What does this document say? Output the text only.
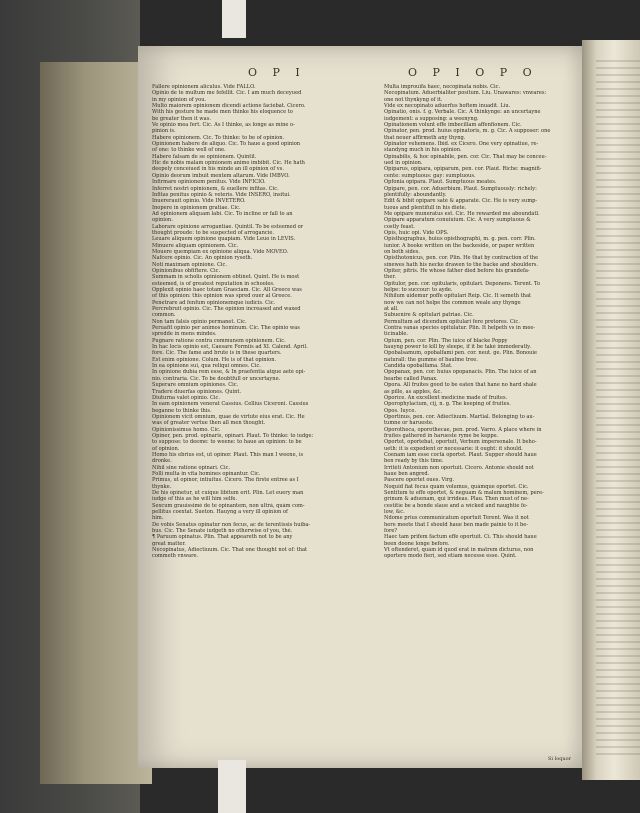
O P I	O P I O P O

Fallere opinionem aliculus. Vide FALLO.

Opinio de te multum me fefellit. Cic. I am much deceyued

in my opinion of you.

Multò maiorem opinionem dicendi actione faciebat. Cicero.

With his gesture he made men thinke his eloquence to

be greater then it was.

Ve opinio mea fert. Cic. As I thinke, as longe as mine o-

pinion is.

Habere opinionem. Cic. To thinke: to be of opinion.

Opinionem habere de aliquo. Cic. To haue a good opinion

of one: to thinke well of one.

Habere falsam de se opinionem. Quintil.

Hic de nobis malam opinionem animo imbibit. Cic. He hath

deepely conceiued in his minde an ill opinion of vs.

Opinio deorum imbuit mentem altarum. Vide IMBVO.

Infirmare opinionem penitus. Vide INFICIO.

Inferret nostri opinionem, & euellere infitas. Cic.

Infitas penitus opinio & veteris. Vide INSERO, insitui.

Inuererauit opinio. Vide INVETERO.

Inopere in opinionem gratiae. Cic.

Ad opinionem aliquam labi. Cic. To incline or fall to an

opinion.

Laborare opinione arrogantiae. Quintil. To be esteemed or

thought proude: to be suspected of arrogancie.

Leuare aliquem opinione quapiam. Vide Leuo in LEVIS.

Minuere aliquam opinionem. Cic.

Mouere quempiam ex opinione aliqua. Vide MOVEO.

Nafcere opinio. Cic. An opinion ryseth.

Noti maximam opinione. Cic.

Opinionibus obfiftere. Cic.

Summam in scholis opinionem obtinet. Quint. He is most

esteemed, is of greatest reputation in schooles.

Opplexit opinio haec totam Graeciam. Cic. All Greece was

of this opinion: this opinion was spred ouer al Greece.

Penetrare ad fenfum opinionemque iudicis. Cic.

Percrebruit opinio. Cic. The opinion increased and waxed

common.

Non tam falsis opinio permanet. Cic.

Peruafit opinio per animos hominum. Cic. The opinio was

spredde in mens mindes.

Pugnare ratione contra communem opinionem. Cic.

In hac locis opinio est, Caesare Formiis ad XI. Calend. April.

fore. Cic. The fame and brute is in these quarters.

Est enim opinione. Colum. He is of that opinion.

In ea opinione sui, qua reliqui omnes. Cic.

In opinione dubia rem esse, & In praefentia atque aeté opi-

nio. contraria. Cic. To be doubtfull or uncertayne.

Superare omnium opiniones. Cic.

Tradere diuerfas opiniones. Quint.

Diuturna valet opinio. Cic.

In eam opinionem venerat Cassius. Cellius Ciceroni. Cassius

beganne to thinke this.

Opinionem vicit omnium, quae de virtute eius erat. Cic. He

was of greater vertue then all men thought.

Opinionissimus homo. Cic.

Opiner, pen. prod. opinaris, opinari. Plaut. To thinke: to iudge:

to suppose: to deeme: to weene: to haue an opinion: to be

of opinion.

Homo his ebrius est, ut opinor. Plaut. This man I weene, is

dronke.

Nihil sine ratione opinari. Cic.

Folli multa in vita homines opinantur. Cic.

Primus, ut opinor, intiuitus. Cicero. The firste entree as I

thynke.

De his opinetur, ut cuique libitum erit. Plin. Let euery man

iudge of this as he will him selfe.

Sexcum grauissimé de te opinantem, non ultrà, quàm com-

pellitus coextat. Sueton. Hauyng a very ill opinion of

him.

De vobis Senatus opinatur non fecus, ac de terentissis huiba-

bus. Cic. The Senate iudgeth no otherwise of you, thé.

¶ Paruum opinatus. Plin. That appeareth not to be any

great matter.

Nécopinatus, Adiectiuum. Cic. That one thought not of: that

commeth vnware.

Multa improuifa haec, necopinata nobis. Cic.

Necopinatum. Aduerbialiter positum. Liu. Unawares: vnwares:

one not thynkyng of it.

Vide ex necopinato aduerfus hoftem inuadit. Liu.

Opinatio, onis. f. g. Verbale. Cic. A thinkynge: an uncertayne

iudgement: a supposing: a weenyng.

Opinationem volunt effe imbecillam affenfionem. Cic.

Opinator, pen. prod. huius opinatoris, m. g. Cic. A supposer: one

that neuer affirmeth any thyng.

Opinator vehemens. Ibid. ex Cicero. One very opinatiue, re-

standyng much in his opinion.

Opinabilis, & hoc opinabile, pen. cor. Cic. That may be conceu-

ued in opinion.

Opiparus, opipara, opiparum, pen. cor. Plaut. Riche: magnifi-

cente: sumptuous: gay: sumptuous.

Opfonia opipara. Plaut. Sumptuous meates.

Opipare, pen. cor. Aduerbium. Plaut. Sumptuously: richely:

plentifully: aboundantly.

Edit & bibit opipare satè & apparatè. Cic. He is very sump-

tuous and plentifull in his diete.

Me opipare muneratus est. Cic. He rewarded me aboundátl.

Opipare apparatum conuiuium. Cic. A very sumptuous &

costly feast.

Opis, huic opi. Vide OPS.

Opisthographus, huius opisthographi, m. g. pen. corr. Plin.

iunior. A booke written on the backeside, or paper written

on both sides.

Opisthotonicus, pen. cor. Plin. He that by contraction of the

sinewes hath his necke drawen to the backe and shoulders.

Opiter, pitris. He whose father died before his grandefa-

ther.

Opitulor, pen. cor. opitularis, opitulari. Deponens. Terent. To

helpe: to succour: to ayde.

Nihilum uidemur poffe opitulari Reip. Cic. It semeth that

now we can not helpe the common weale any thynge

at all.

Subuenire & opitulari patriae. Cic.

Permultum ad dicendum opitulari fere pretores. Cic.

Contra vanas species opitulatur. Plin. It helpeth vs in mee-

ticinable.

Opium, pen. cor. Plin. The iuice of blacke Poppy

hauyng power to kill by sleepe, if it be také immoderatly.

Opobalsamum, opobalfami pen. cor. neut. ge. Plin. Bonouie

naturall: the gumme of baulme tree.

Candida opobalfama. Stat.

Opopanax, pen. cor. huius opopanacis. Plin. The iuice of an

hearbe called Panax.

Opora. All fruites good to be eaten that hane no hard shale

as pille, as apples, &c.

Oporice. An excellent medicine made of fruites.

Oporophylacium, cij, n. g. The keeping of fruites.

Opos. Iuyce.

Oportinus, pen. cor. Adiectiuum. Martial. Belonging to au-

tumne or harueste.

Oporotheca, oporothecae, pen. prod. Varro. A place where in

fruites gathered in harueste ryme be keppe.

Oportet, oportebat, oportuit, Verbum impersonale. It beho-

ueth: it is expedient or necessarie: it ought: it should.

Coenam iam esse coctà oportet. Plaut. Supper should haue

ben ready by this time.

Irritèti Antonium non oportuit. Cicero. Antonie should not

haue ben angred.

Pascere oportet oues. Virg.

Noquid fiat fecus quàm volumus, quàmque oportet. Cic.

Sentitum te effe oportet, & neguam & malum hominem, pere-

grinum & aduenam, qui irrideas. Plau. Then must of ne-

cestitie be a bonde slaue and a wicked and naughtie fe-

low, &c.

Ndome prius communicatum oportuit Terent. Was it not

here meete that I should haue ben made painie to it be-

fore?

Haec tam prifem factum effe oportuit. Ci. This should haue

been doone longe before.

Vt oftenderet, quàm id quod erat in matrem dicturus, non

oportere modo fieri, sed etiam necesse esse. Quint.

Si loquor
